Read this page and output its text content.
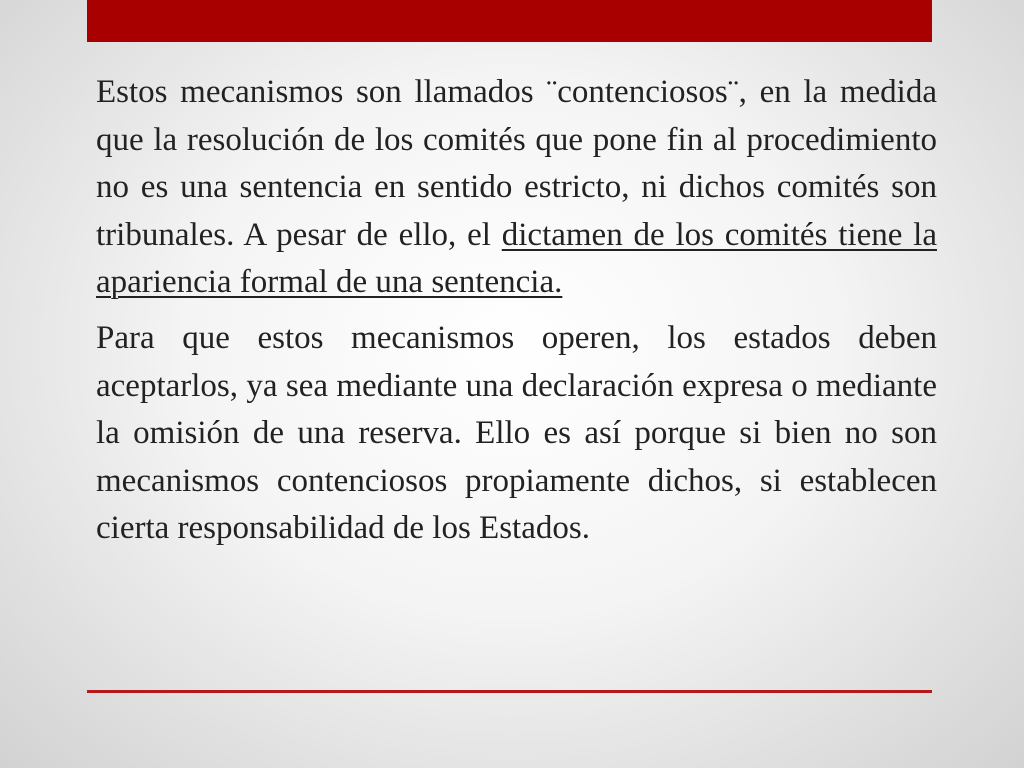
Estos mecanismos son llamados ¨contenciosos¨, en la medida que la resolución de los comités que pone fin al procedimiento no es una sentencia en sentido estricto, ni dichos comités son tribunales. A pesar de ello, el dictamen de los comités tiene la apariencia formal de una sentencia.

Para que estos mecanismos operen, los estados deben aceptarlos, ya sea mediante una declaración expresa o mediante la omisión de una reserva. Ello es así porque si bien no son mecanismos contenciosos propiamente dichos, si establecen cierta responsabilidad de los Estados.
